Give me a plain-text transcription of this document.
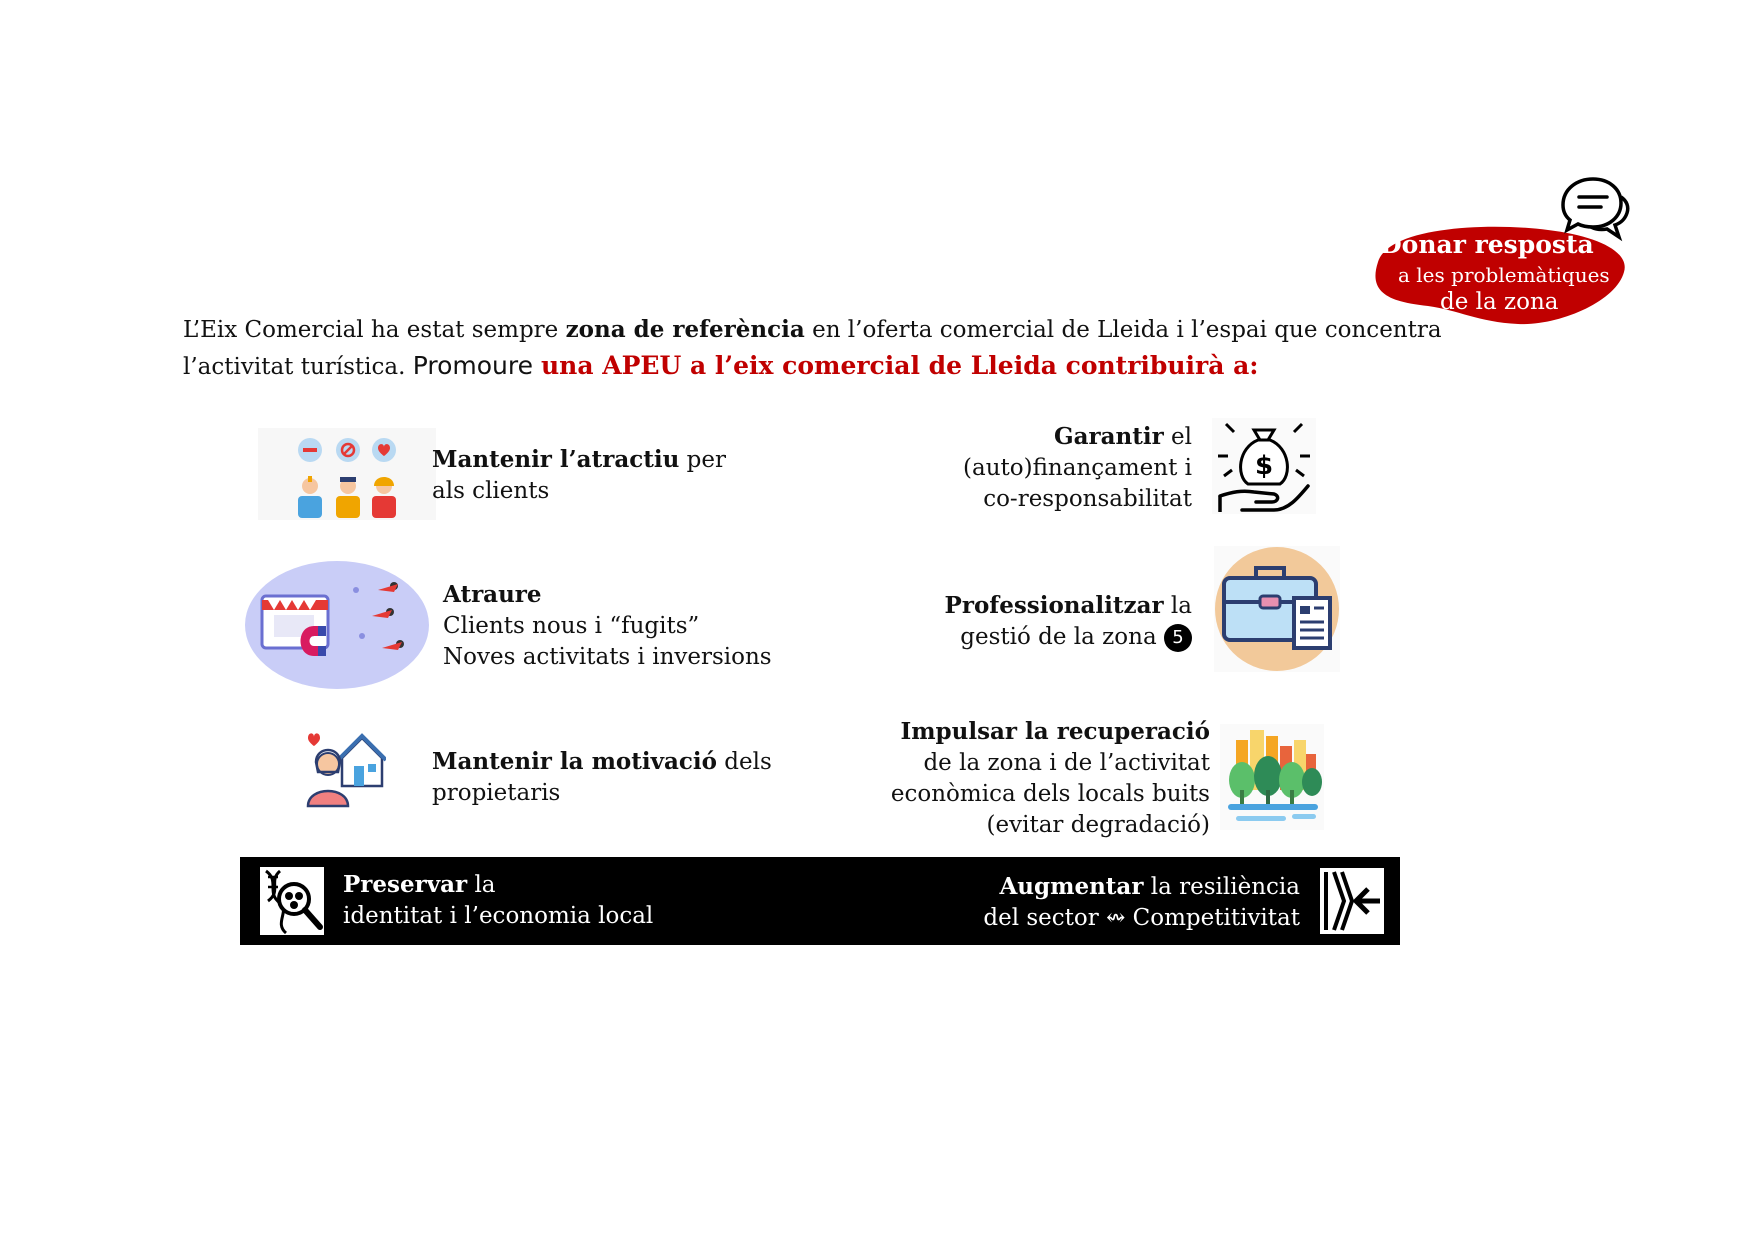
Donar resposta
a les problemàtiques
de la zona
L’Eix Comercial ha estat sempre zona de referència en l’oferta comercial de Lleida i l’espai que concentra l’activitat turística. Promoure una APEU a l’eix comercial de Lleida contribuirà a:
Mantenir l’atractiu per
als clients
Atraure
Clients nous i “fugits”
Noves activitats i inversions
Mantenir la motivació dels
propietaris
Garantir el
(auto)finançament i
co-responsabilitat
$
Professionalitzar la
gestió de la zona 5
Impulsar la recuperació
de la zona i de l’activitat
econòmica dels locals buits
(evitar degradació)
Preservar la
identitat i l’economia local
Augmentar la resiliència
del sector ↭ Competitivitat
